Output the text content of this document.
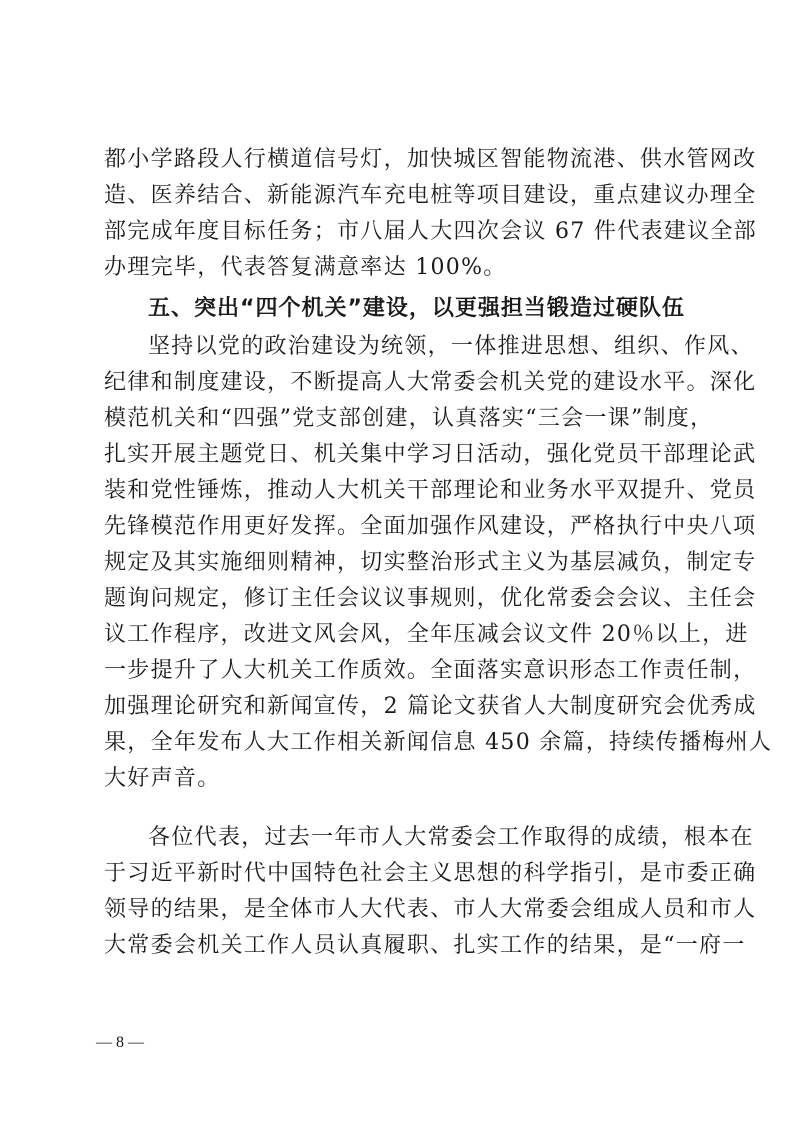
都小学路段人行横道信号灯，加快城区智能物流港、供水管网改
造、医养结合、新能源汽车充电桩等项目建设，重点建议办理全
部完成年度目标任务；市八届人大四次会议 67 件代表建议全部
办理完毕，代表答复满意率达 100%。
五、突出“四个机关”建设，以更强担当锻造过硬队伍
坚持以党的政治建设为统领，一体推进思想、组织、作风、
纪律和制度建设，不断提高人大常委会机关党的建设水平。深化
模范机关和“四强”党支部创建，认真落实“三会一课”制度，
扎实开展主题党日、机关集中学习日活动，强化党员干部理论武
装和党性锤炼，推动人大机关干部理论和业务水平双提升、党员
先锋模范作用更好发挥。全面加强作风建设，严格执行中央八项
规定及其实施细则精神，切实整治形式主义为基层减负，制定专
题询问规定，修订主任会议议事规则，优化常委会会议、主任会
议工作程序，改进文风会风，全年压减会议文件 20％以上，进
一步提升了人大机关工作质效。全面落实意识形态工作责任制，
加强理论研究和新闻宣传，2 篇论文获省人大制度研究会优秀成
果，全年发布人大工作相关新闻信息 450 余篇，持续传播梅州人
大好声音。
各位代表，过去一年市人大常委会工作取得的成绩，根本在
于习近平新时代中国特色社会主义思想的科学指引，是市委正确
领导的结果，是全体市人大代表、市人大常委会组成人员和市人
大常委会机关工作人员认真履职、扎实工作的结果，是“一府一
— 8 —
